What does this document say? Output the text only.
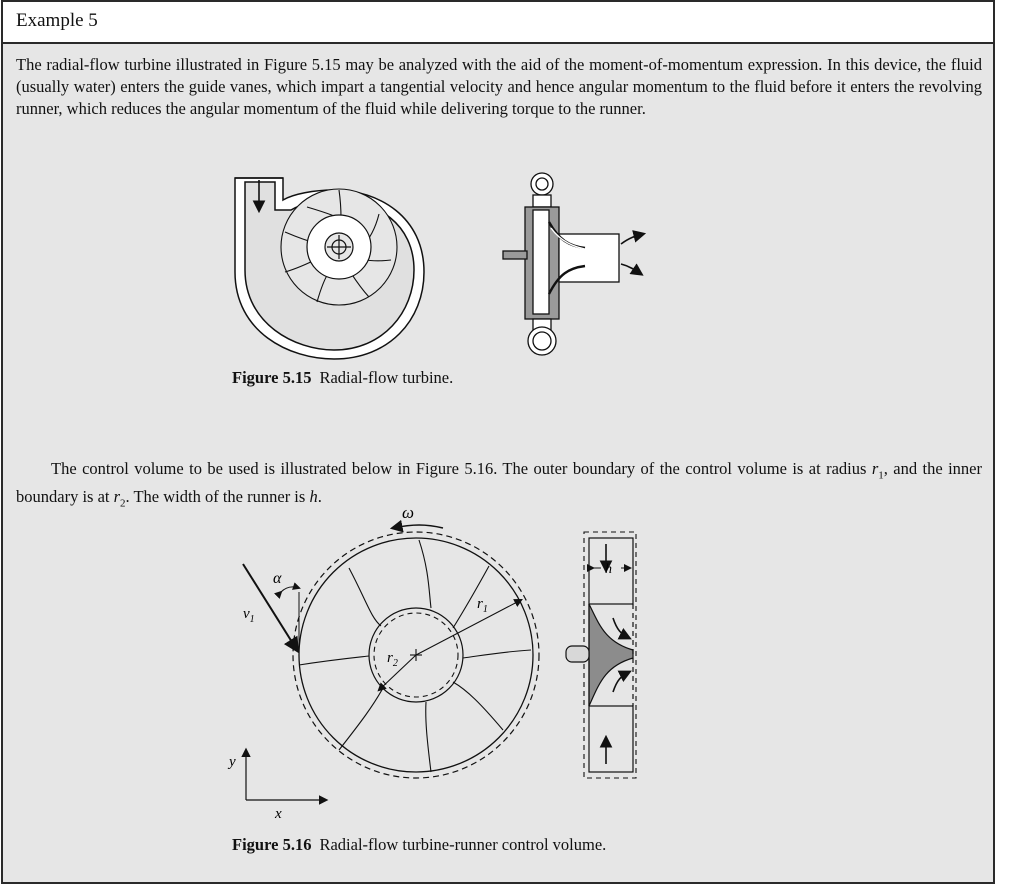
Example 5
The radial-flow turbine illustrated in Figure 5.15 may be analyzed with the aid of the moment-of-momentum expression. In this device, the fluid (usually water) enters the guide vanes, which impart a tangential velocity and hence angular momentum to the fluid before it enters the revolving runner, which reduces the angular momentum of the fluid while delivering torque to the runner.
Figure 5.15 Radial-flow turbine.
The control volume to be used is illustrated below in Figure 5.16. The outer boundary of the control volume is at radius $r_1$, and the inner boundary is at $r_2$. The width of the runner is h.
ω
$r_1$
$r_2$
α
$v_1$
y
x
h
Figure 5.16 Radial-flow turbine-runner control volume.
